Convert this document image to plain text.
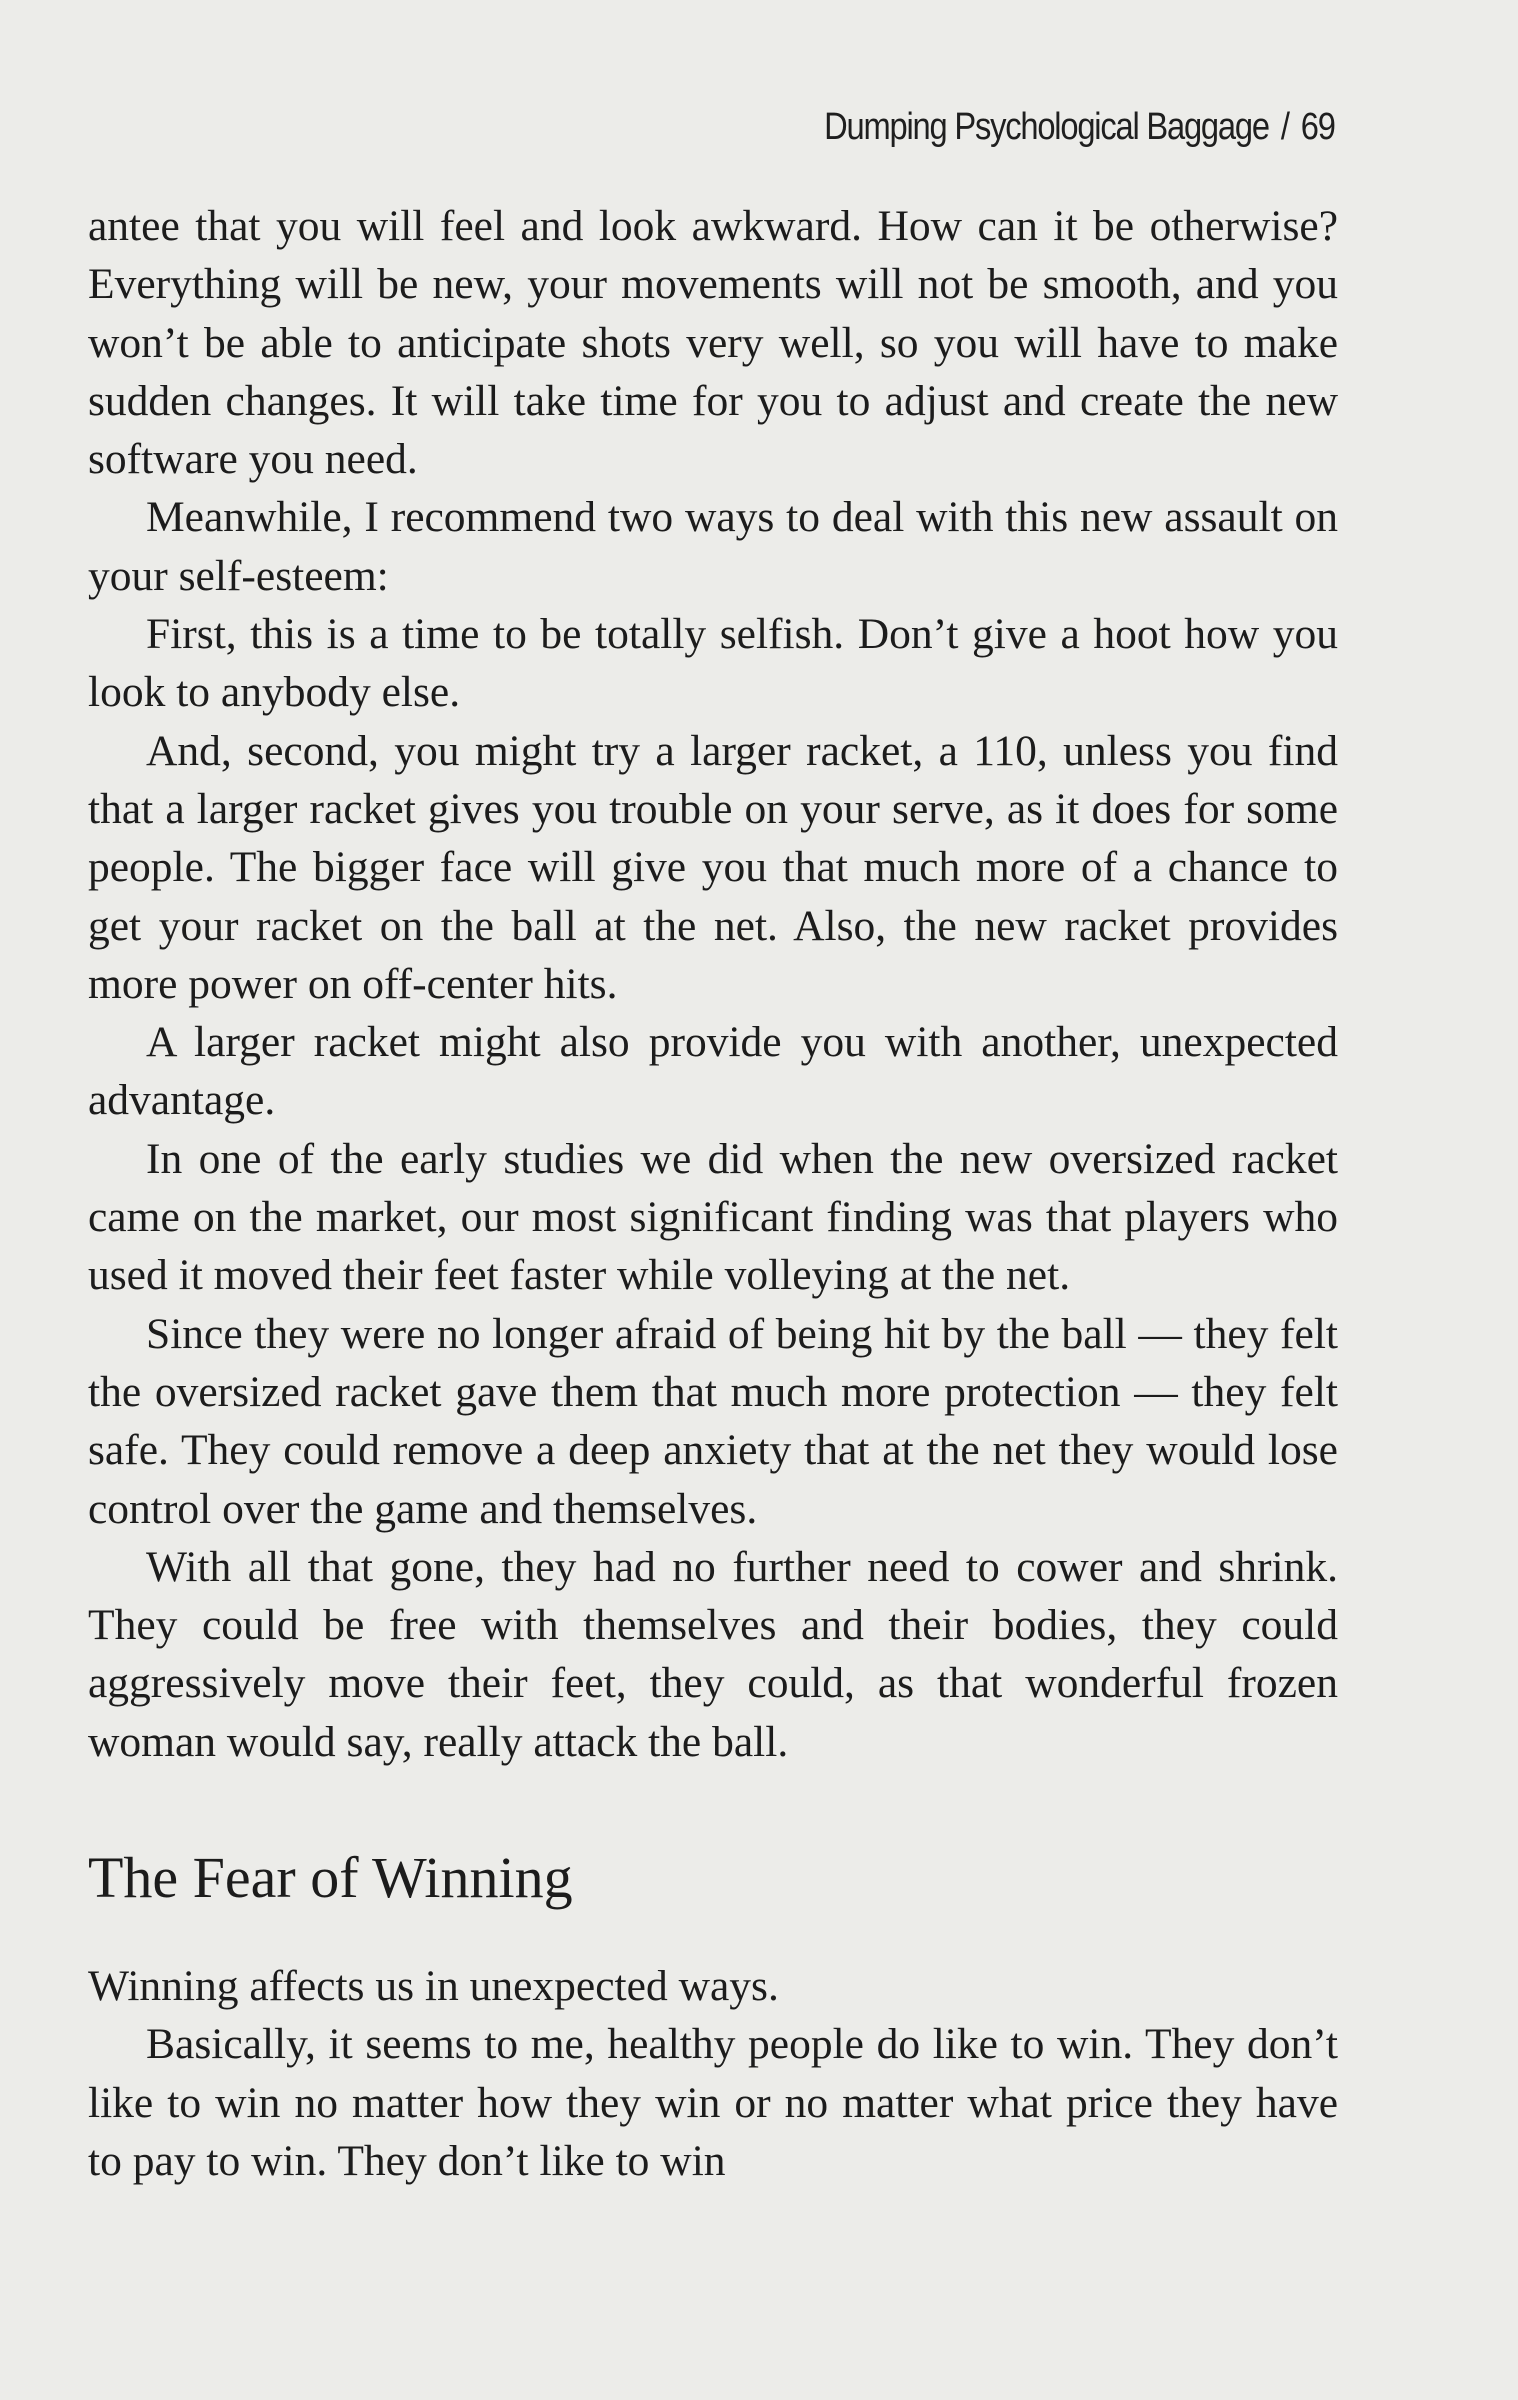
Dumping Psychological Baggage / 69

antee that you will feel and look awkward. How can it be otherwise? Everything will be new, your movements will not be smooth, and you won’t be able to anticipate shots very well, so you will have to make sudden changes. It will take time for you to adjust and create the new software you need.

Meanwhile, I recommend two ways to deal with this new assault on your self-esteem:

First, this is a time to be totally selfish. Don’t give a hoot how you look to anybody else.

And, second, you might try a larger racket, a 110, unless you find that a larger racket gives you trouble on your serve, as it does for some people. The bigger face will give you that much more of a chance to get your racket on the ball at the net. Also, the new racket provides more power on off-center hits.

A larger racket might also provide you with another, unexpected advantage.

In one of the early studies we did when the new oversized racket came on the market, our most significant finding was that players who used it moved their feet faster while volleying at the net.

Since they were no longer afraid of being hit by the ball — they felt the oversized racket gave them that much more protection — they felt safe. They could remove a deep anxiety that at the net they would lose control over the game and themselves.

With all that gone, they had no further need to cower and shrink. They could be free with themselves and their bodies, they could aggressively move their feet, they could, as that wonderful frozen woman would say, really attack the ball.

The Fear of Winning

Winning affects us in unexpected ways.

Basically, it seems to me, healthy people do like to win. They don’t like to win no matter how they win or no matter what price they have to pay to win. They don’t like to win
